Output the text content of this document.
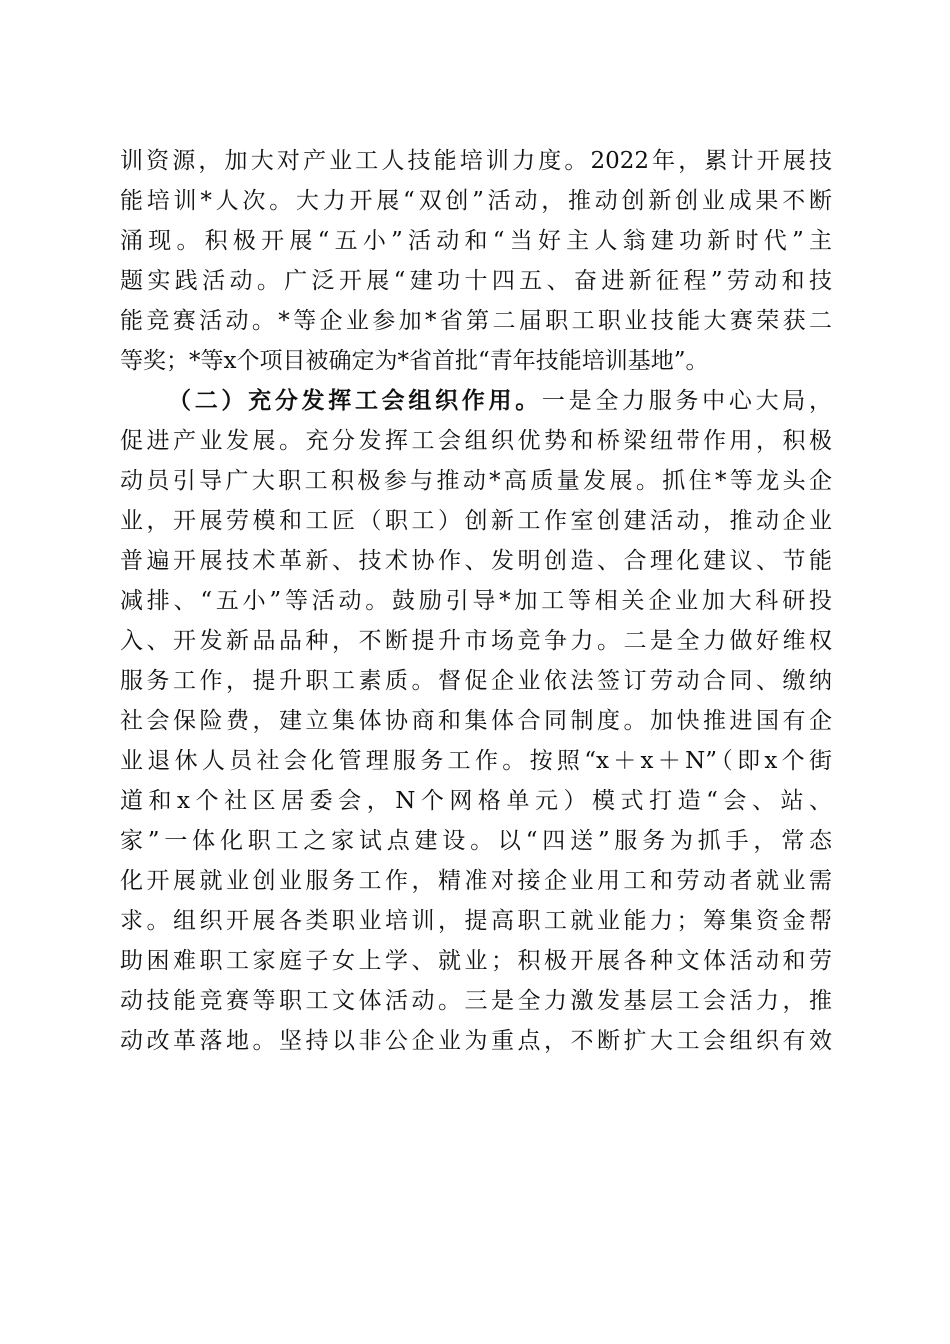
训资源，加大对产业工人技能培训力度。2022年，累计开展技
能培训*人次。大力开展“双创”活动，推动创新创业成果不断
涌现。积极开展“五小”活动和“当好主人翁建功新时代”主
题实践活动。广泛开展“建功十四五、奋进新征程”劳动和技
能竞赛活动。*等企业参加*省第二届职工职业技能大赛荣获二
等奖；*等x个项目被确定为*省首批“青年技能培训基地”。
（二）充分发挥工会组织作用。一是全力服务中心大局，
促进产业发展。充分发挥工会组织优势和桥梁纽带作用，积极
动员引导广大职工积极参与推动*高质量发展。抓住*等龙头企
业，开展劳模和工匠（职工）创新工作室创建活动，推动企业
普遍开展技术革新、技术协作、发明创造、合理化建议、节能
减排、“五小”等活动。鼓励引导*加工等相关企业加大科研投
入、开发新品品种，不断提升市场竞争力。二是全力做好维权
服务工作，提升职工素质。督促企业依法签订劳动合同、缴纳
社会保险费，建立集体协商和集体合同制度。加快推进国有企
业退休人员社会化管理服务工作。按照“x＋x＋N”（即x个街
道和x个社区居委会，N个网格单元）模式打造“会、站、
家”一体化职工之家试点建设。以“四送”服务为抓手，常态
化开展就业创业服务工作，精准对接企业用工和劳动者就业需
求。组织开展各类职业培训，提高职工就业能力；筹集资金帮
助困难职工家庭子女上学、就业；积极开展各种文体活动和劳
动技能竞赛等职工文体活动。三是全力激发基层工会活力，推
动改革落地。坚持以非公企业为重点，不断扩大工会组织有效
